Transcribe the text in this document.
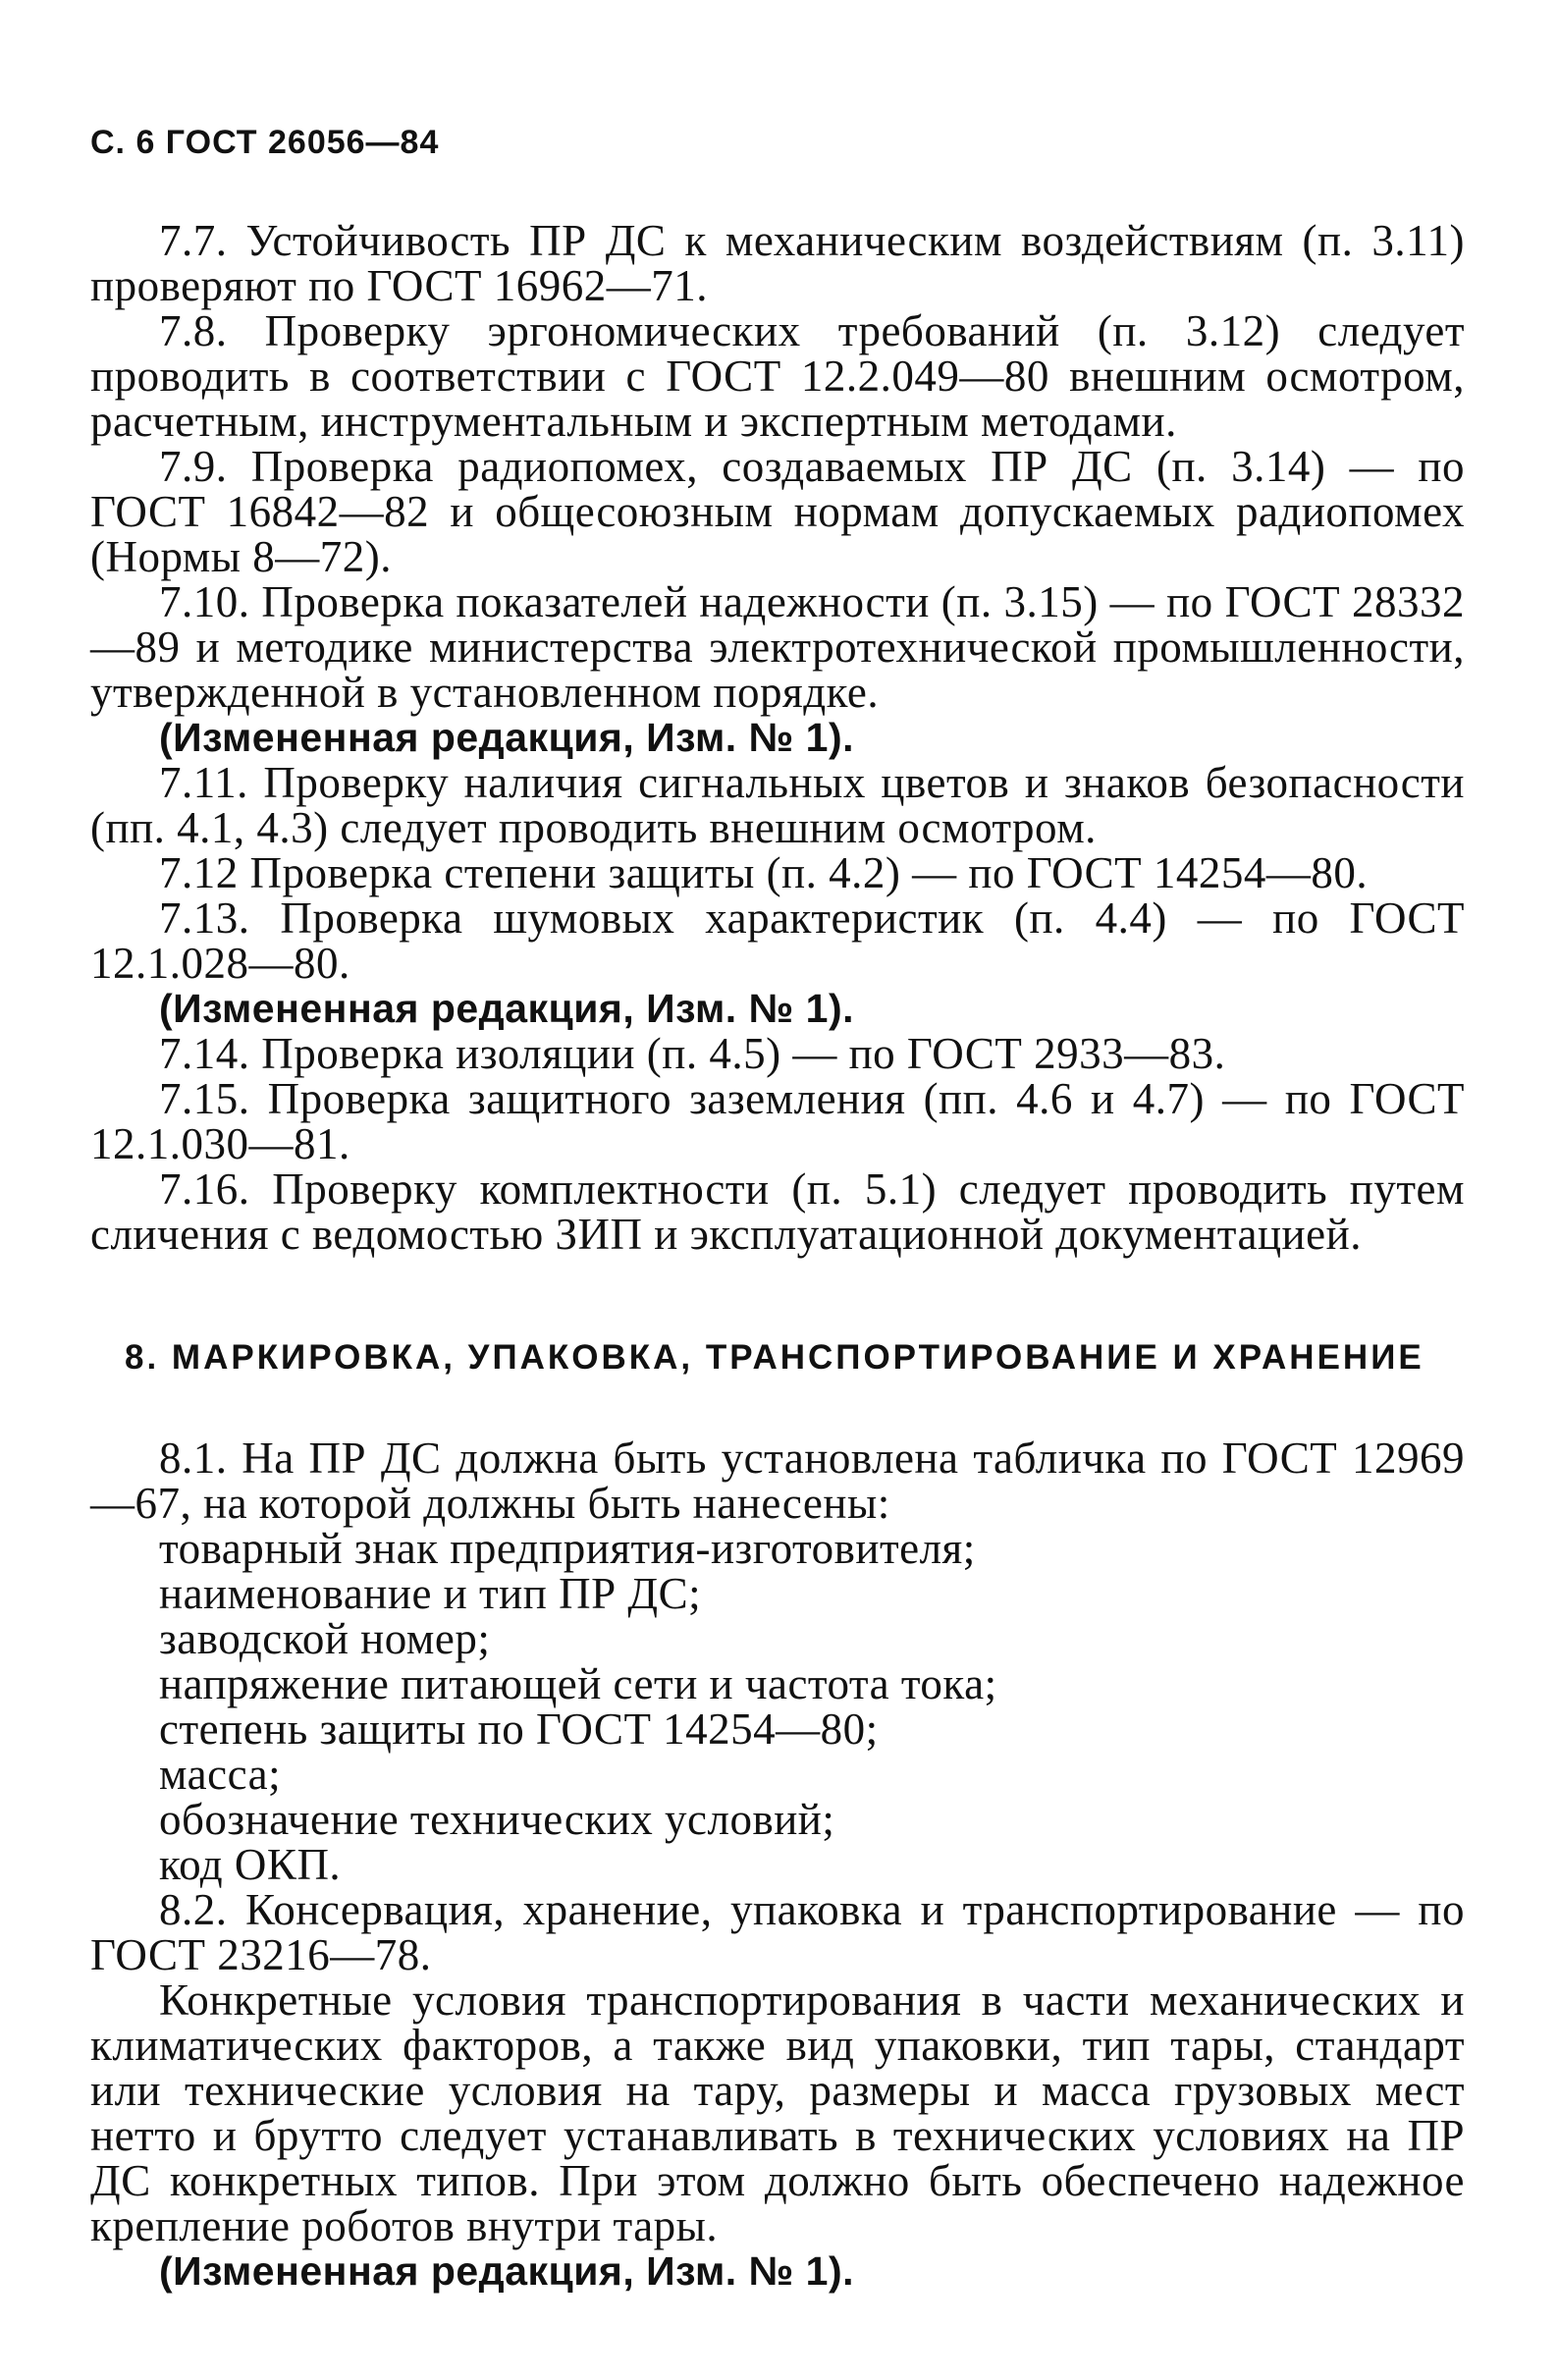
С. 6 ГОСТ 26056—84

7.7. Устойчивость ПР ДС к механическим воздействиям (п. 3.11) проверяют по ГОСТ 16962—71.

7.8. Проверку эргономических требований (п. 3.12) следует проводить в соответствии с ГОСТ 12.2.049—80 внешним осмотром, расчетным, инструментальным и экспертным методами.

7.9. Проверка радиопомех, создаваемых ПР ДС (п. 3.14) — по ГОСТ 16842—82 и общесоюзным нормам допускаемых радиопомех (Нормы 8—72).

7.10. Проверка показателей надежности (п. 3.15) — по ГОСТ 28332—89 и методике министерства электротехнической промышленности, утвержденной в установленном порядке.

(Измененная редакция, Изм. № 1).

7.11. Проверку наличия сигнальных цветов и знаков безопасности (пп. 4.1, 4.3) следует проводить внешним осмотром.

7.12 Проверка степени защиты (п. 4.2) — по ГОСТ 14254—80.

7.13. Проверка шумовых характеристик (п. 4.4) — по ГОСТ 12.1.028—80.

(Измененная редакция, Изм. № 1).

7.14. Проверка изоляции (п. 4.5) — по ГОСТ 2933—83.

7.15. Проверка защитного заземления (пп. 4.6 и 4.7) — по ГОСТ 12.1.030—81.

7.16. Проверку комплектности (п. 5.1) следует проводить путем сличения с ведомостью ЗИП и эксплуатационной документацией.

8. МАРКИРОВКА, УПАКОВКА, ТРАНСПОРТИРОВАНИЕ И ХРАНЕНИЕ

8.1. На ПР ДС должна быть установлена табличка по ГОСТ 12969—67, на которой должны быть нанесены:

товарный знак предприятия-изготовителя;

наименование и тип ПР ДС;

заводской номер;

напряжение питающей сети и частота тока;

степень защиты по ГОСТ 14254—80;

масса;

обозначение технических условий;

код ОКП.

8.2. Консервация, хранение, упаковка и транспортирование — по ГОСТ 23216—78.

Конкретные условия транспортирования в части механических и климатических факторов, а также вид упаковки, тип тары, стандарт или технические условия на тару, размеры и масса грузовых мест нетто и брутто следует устанавливать в технических условиях на ПР ДС конкретных типов. При этом должно быть обеспечено надежное крепление роботов внутри тары.

(Измененная редакция, Изм. № 1).
